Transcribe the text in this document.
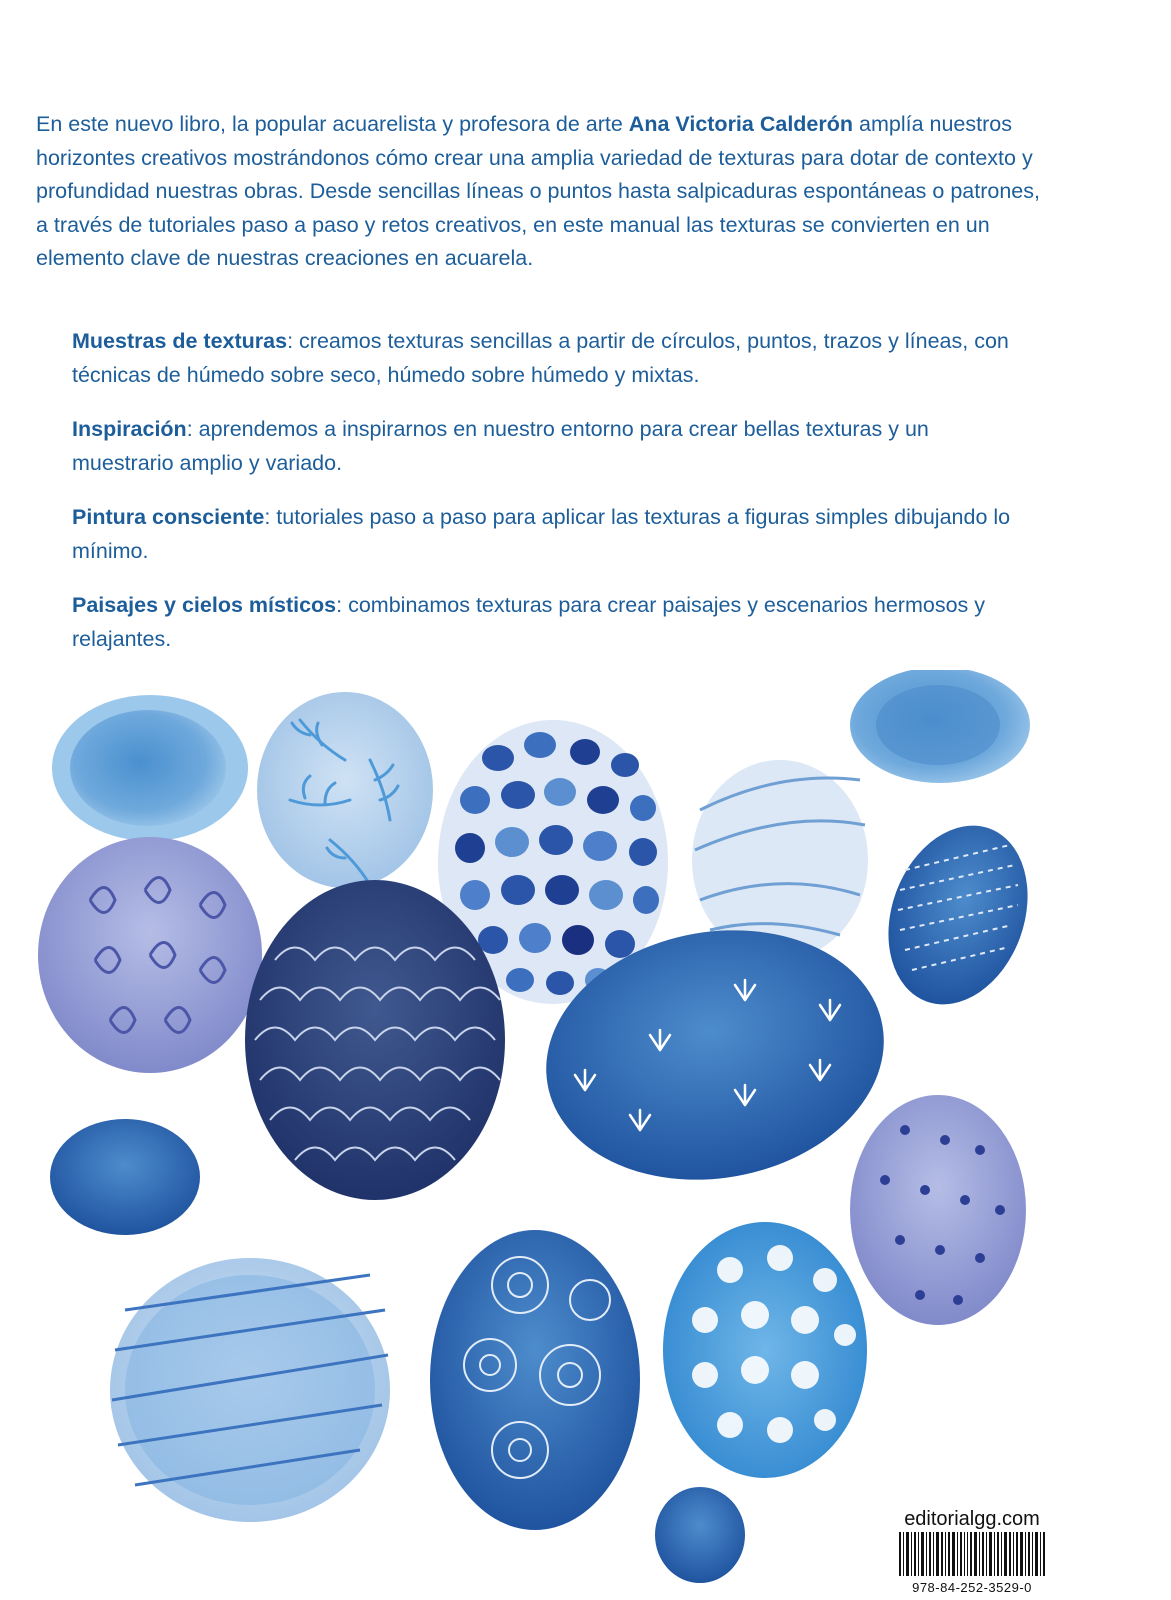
En este nuevo libro, la popular acuarelista y profesora de arte Ana Victoria Calderón amplía nuestros horizontes creativos mostrándonos cómo crear una amplia variedad de texturas para dotar de contexto y profundidad nuestras obras. Desde sencillas líneas o puntos hasta salpicaduras espontáneas o patrones, a través de tutoriales paso a paso y retos creativos, en este manual las texturas se convierten en un elemento clave de nuestras creaciones en acuarela.

Muestras de texturas: creamos texturas sencillas a partir de círculos, puntos, trazos y líneas, con técnicas de húmedo sobre seco, húmedo sobre húmedo y mixtas.

Inspiración: aprendemos a inspirarnos en nuestro entorno para crear bellas texturas y un muestrario amplio y variado.

Pintura consciente: tutoriales paso a paso para aplicar las texturas a figuras simples dibujando lo mínimo.

Paisajes y cielos místicos: combinamos texturas para crear paisajes y escenarios hermosos y relajantes.

editorialgg.com
978-84-252-3529-0
